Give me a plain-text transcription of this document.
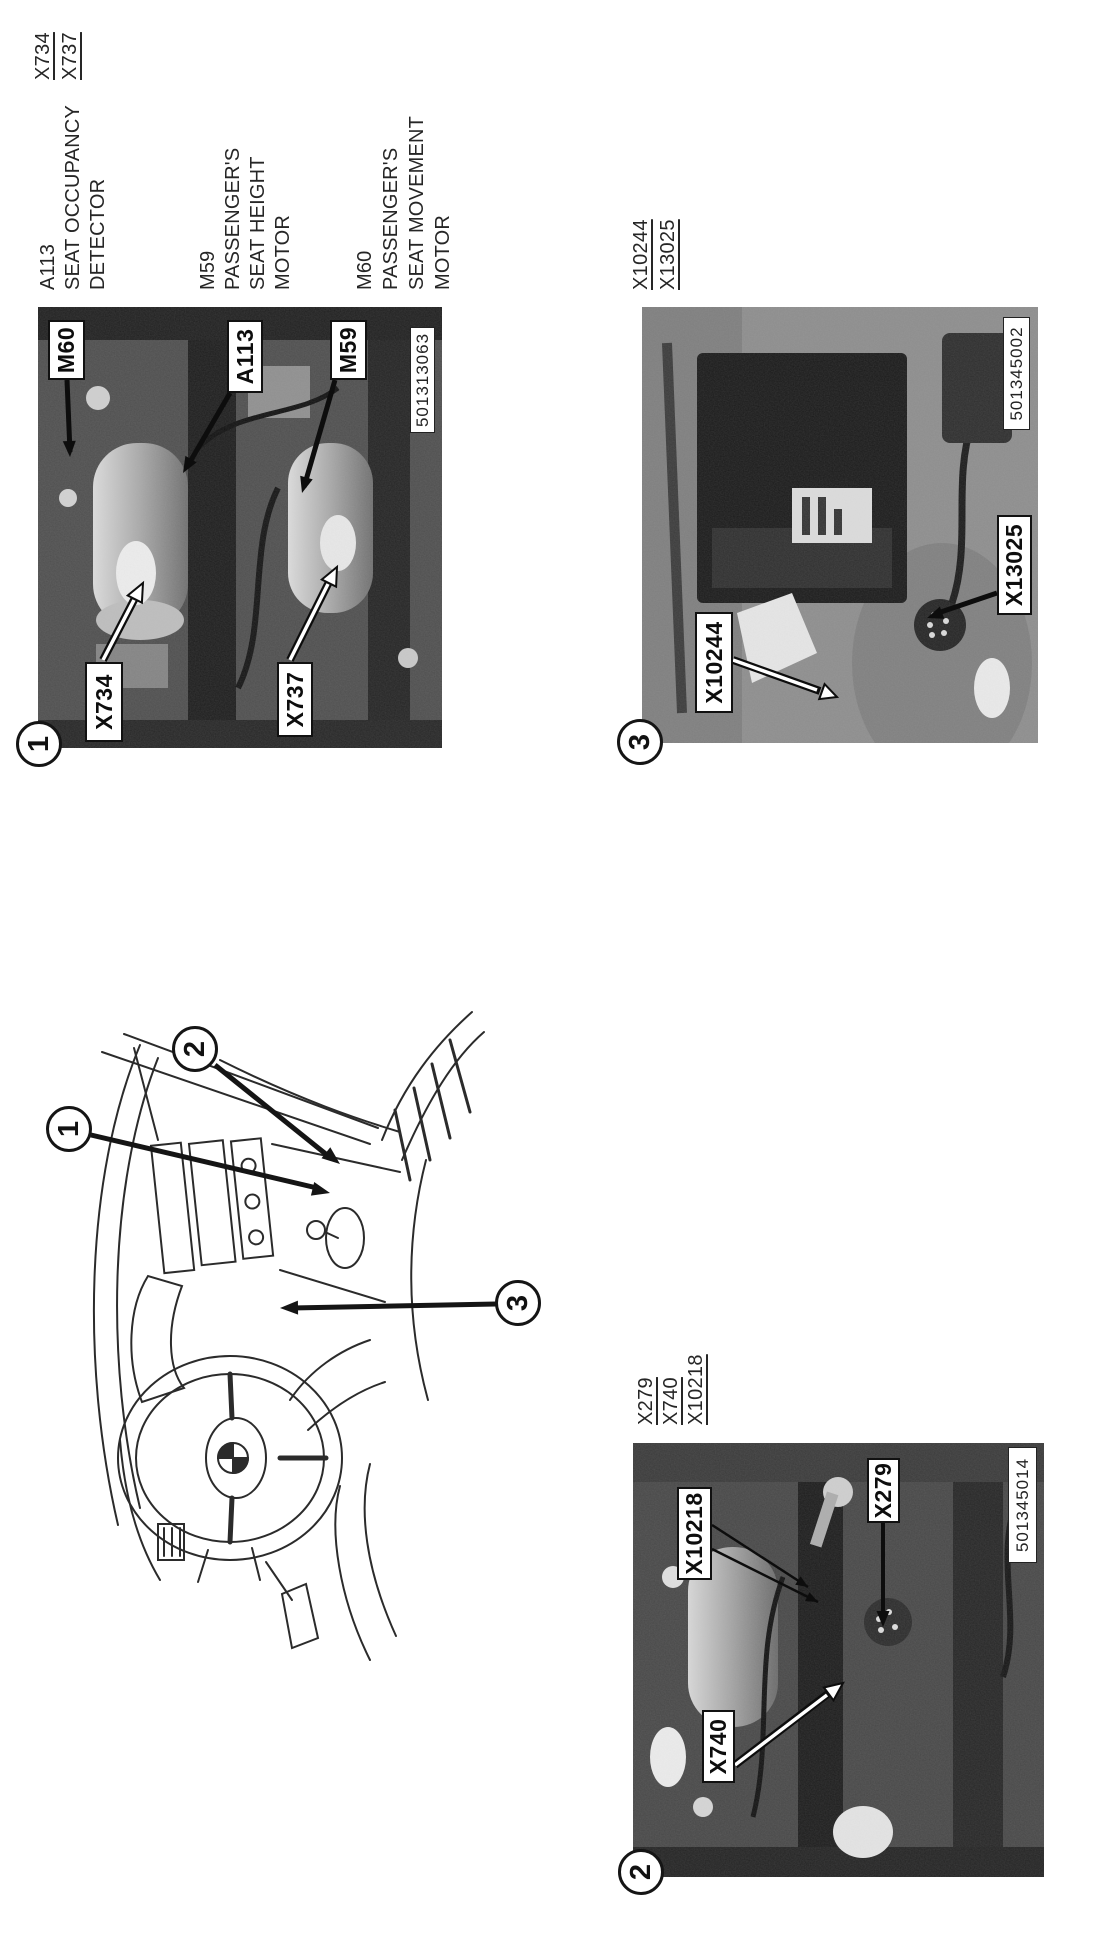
X734 X737
M60	A113	M59
X734	X737
501313063
1
A113 SEAT OCCUPANCY DETECTOR	M59 PASSENGER'S SEAT HEIGHT MOTOR	M60 PASSENGER'S SEAT MOVEMENT MOTOR
X10244
X13025
501345002
3
X10244 X13025
X10218
X279
X740
501345014
2
X279 X740 X10218
1
2
3
